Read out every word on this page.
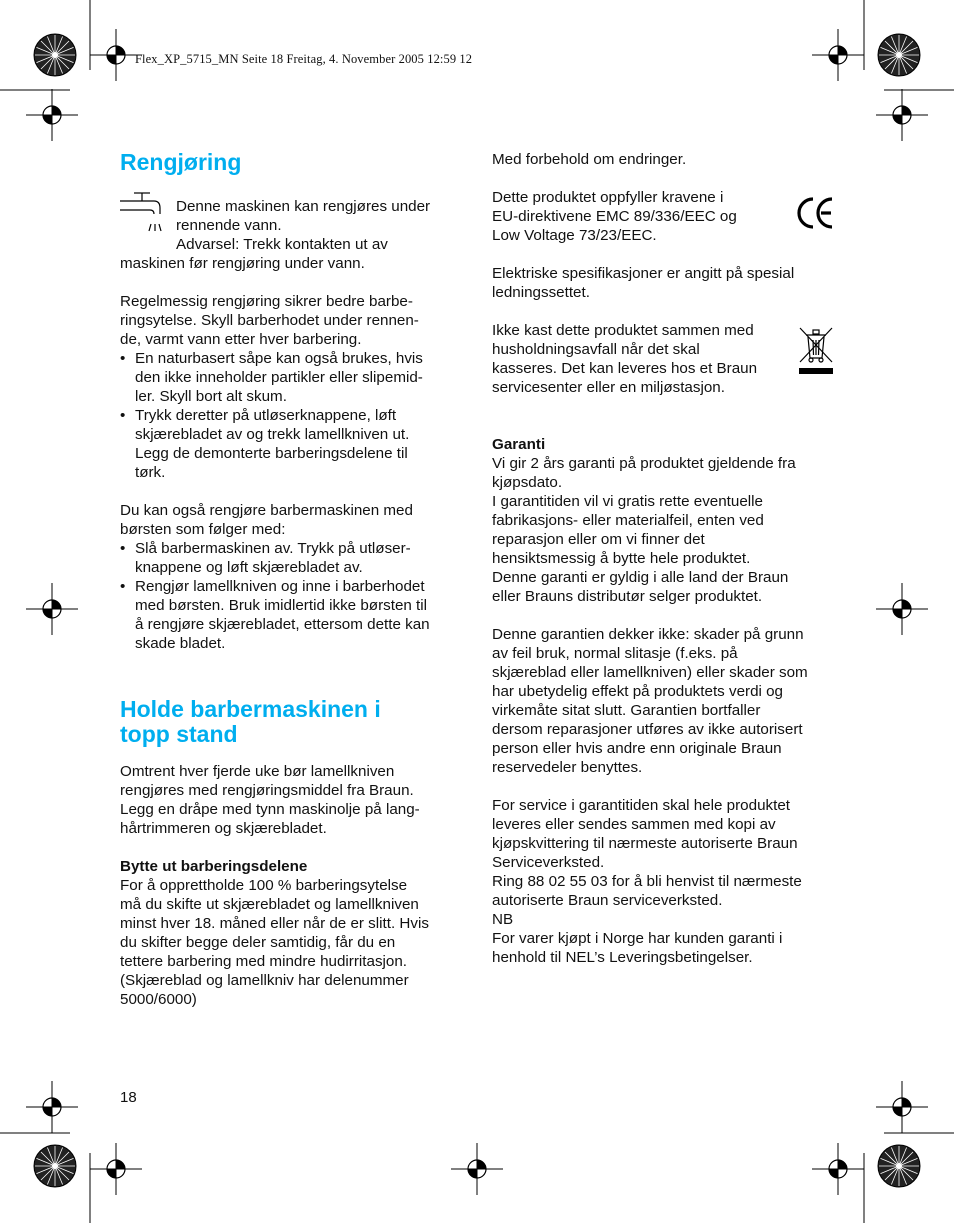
Flex_XP_5715_MN Seite 18 Freitag, 4. November 2005 12:59 12
Rengjøring

Denne maskinen kan rengjøres under
rennende vann.
Advarsel: Trekk kontakten ut av

maskinen før rengjøring under vann.

Regelmessig rengjøring sikrer bedre barbe-
ringsytelse. Skyll barberhodet under rennen-
de, varmt vann etter hver barbering.

• En naturbasert såpe kan også brukes, hvis
den ikke inneholder partikler eller slipemid-
ler. Skyll bort alt skum.

• Trykk deretter på utløserknappene, løft
skjærebladet av og trekk lamellkniven ut.
Legg de demonterte barberingsdelene til
tørk.

Du kan også rengjøre barbermaskinen med
børsten som følger med:

• Slå barbermaskinen av. Trykk på utløser-
knappene og løft skjærebladet av.

• Rengjør lamellkniven og inne i barberhodet
med børsten. Bruk imidlertid ikke børsten til
å rengjøre skjærebladet, ettersom dette kan
skade bladet.

Holde barbermaskinen i
topp stand

Omtrent hver fjerde uke bør lamellkniven
rengjøres med rengjøringsmiddel fra Braun.
Legg en dråpe med tynn maskinolje på lang-
hårtrimmeren og skjærebladet.

Bytte ut barberingsdelene

For å opprettholde 100 % barberingsytelse
må du skifte ut skjærebladet og lamellkniven
minst hver 18. måned eller når de er slitt. Hvis
du skifter begge deler samtidig, får du en
tettere barbering med mindre hudirritasjon.
(Skjæreblad og lamellkniv har delenummer
5000/6000)

Med forbehold om endringer.

Dette produktet oppfyller kravene i
EU-direktivene EMC 89/336/EEC og
Low Voltage 73/23/EEC.

Elektriske spesifikasjoner er angitt på spesial
ledningssettet.

Ikke kast dette produktet sammen med
husholdningsavfall når det skal
kasseres. Det kan leveres hos et Braun
servicesenter eller en miljøstasjon.

Garanti

Vi gir 2 års garanti på produktet gjeldende fra
kjøpsdato.
I garantitiden vil vi gratis rette eventuelle
fabrikasjons- eller materialfeil, enten ved
reparasjon eller om vi finner det
hensiktsmessig å bytte hele produktet.
Denne garanti er gyldig i alle land der Braun
eller Brauns distributør selger produktet.

Denne garantien dekker ikke: skader på grunn
av feil bruk, normal slitasje (f.eks. på
skjæreblad eller lamellkniven) eller skader som
har ubetydelig effekt på produktets verdi og
virkemåte sitat slutt. Garantien bortfaller
dersom reparasjoner utføres av ikke autorisert
person eller hvis andre enn originale Braun
reservedeler benyttes.

For service i garantitiden skal hele produktet
leveres eller sendes sammen med kopi av
kjøpskvittering til nærmeste autoriserte Braun
Serviceverksted.
Ring 88 02 55 03 for å bli henvist til nærmeste
autoriserte Braun serviceverksted.
NB
For varer kjøpt i Norge har kunden garanti i
henhold til NEL’s Leveringsbetingelser.

18
